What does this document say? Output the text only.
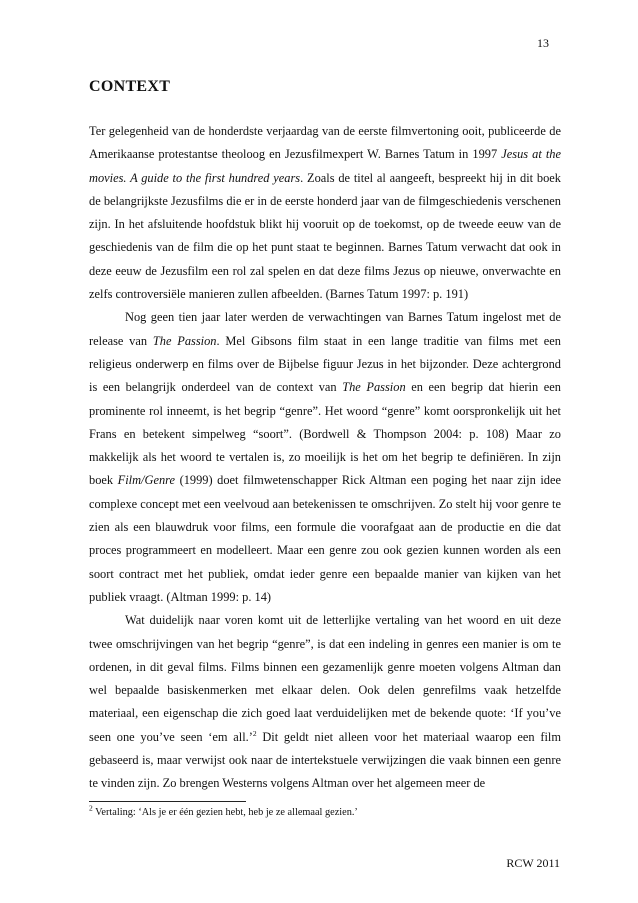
13
CONTEXT

Ter gelegenheid van de honderdste verjaardag van de eerste filmvertoning ooit, publiceerde de Amerikaanse protestantse theoloog en Jezusfilmexpert W. Barnes Tatum in 1997 Jesus at the movies. A guide to the first hundred years. Zoals de titel al aangeeft, bespreekt hij in dit boek de belangrijkste Jezusfilms die er in de eerste honderd jaar van de filmgeschiedenis verschenen zijn. In het afsluitende hoofdstuk blikt hij vooruit op de toekomst, op de tweede eeuw van de geschiedenis van de film die op het punt staat te beginnen. Barnes Tatum verwacht dat ook in deze eeuw de Jezusfilm een rol zal spelen en dat deze films Jezus op nieuwe, onverwachte en zelfs controversiële manieren zullen afbeelden. (Barnes Tatum 1997: p. 191)

Nog geen tien jaar later werden de verwachtingen van Barnes Tatum ingelost met de release van The Passion. Mel Gibsons film staat in een lange traditie van films met een religieus onderwerp en films over de Bijbelse figuur Jezus in het bijzonder. Deze achtergrond is een belangrijk onderdeel van de context van The Passion en een begrip dat hierin een prominente rol inneemt, is het begrip “genre”. Het woord “genre” komt oorspronkelijk uit het Frans en betekent simpelweg “soort”. (Bordwell & Thompson 2004: p. 108) Maar zo makkelijk als het woord te vertalen is, zo moeilijk is het om het begrip te definiëren. In zijn boek Film/Genre (1999) doet filmwetenschapper Rick Altman een poging het naar zijn idee complexe concept met een veelvoud aan betekenissen te omschrijven. Zo stelt hij voor genre te zien als een blauwdruk voor films, een formule die voorafgaat aan de productie en die dat proces programmeert en modelleert. Maar een genre zou ook gezien kunnen worden als een soort contract met het publiek, omdat ieder genre een bepaalde manier van kijken van het publiek vraagt. (Altman 1999: p. 14)

Wat duidelijk naar voren komt uit de letterlijke vertaling van het woord en uit deze twee omschrijvingen van het begrip “genre”, is dat een indeling in genres een manier is om te ordenen, in dit geval films. Films binnen een gezamenlijk genre moeten volgens Altman dan wel bepaalde basiskenmerken met elkaar delen. Ook delen genrefilms vaak hetzelfde materiaal, een eigenschap die zich goed laat verduidelijken met de bekende quote: ‘If you’ve seen one you’ve seen ‘em all.’$^2$ Dit geldt niet alleen voor het materiaal waarop een film gebaseerd is, maar verwijst ook naar de intertekstuele verwijzingen die vaak binnen een genre te vinden zijn. Zo brengen Westerns volgens Altman over het algemeen meer de

$^2$ Vertaling: ‘Als je er één gezien hebt, heb je ze allemaal gezien.’
RCW 2011
